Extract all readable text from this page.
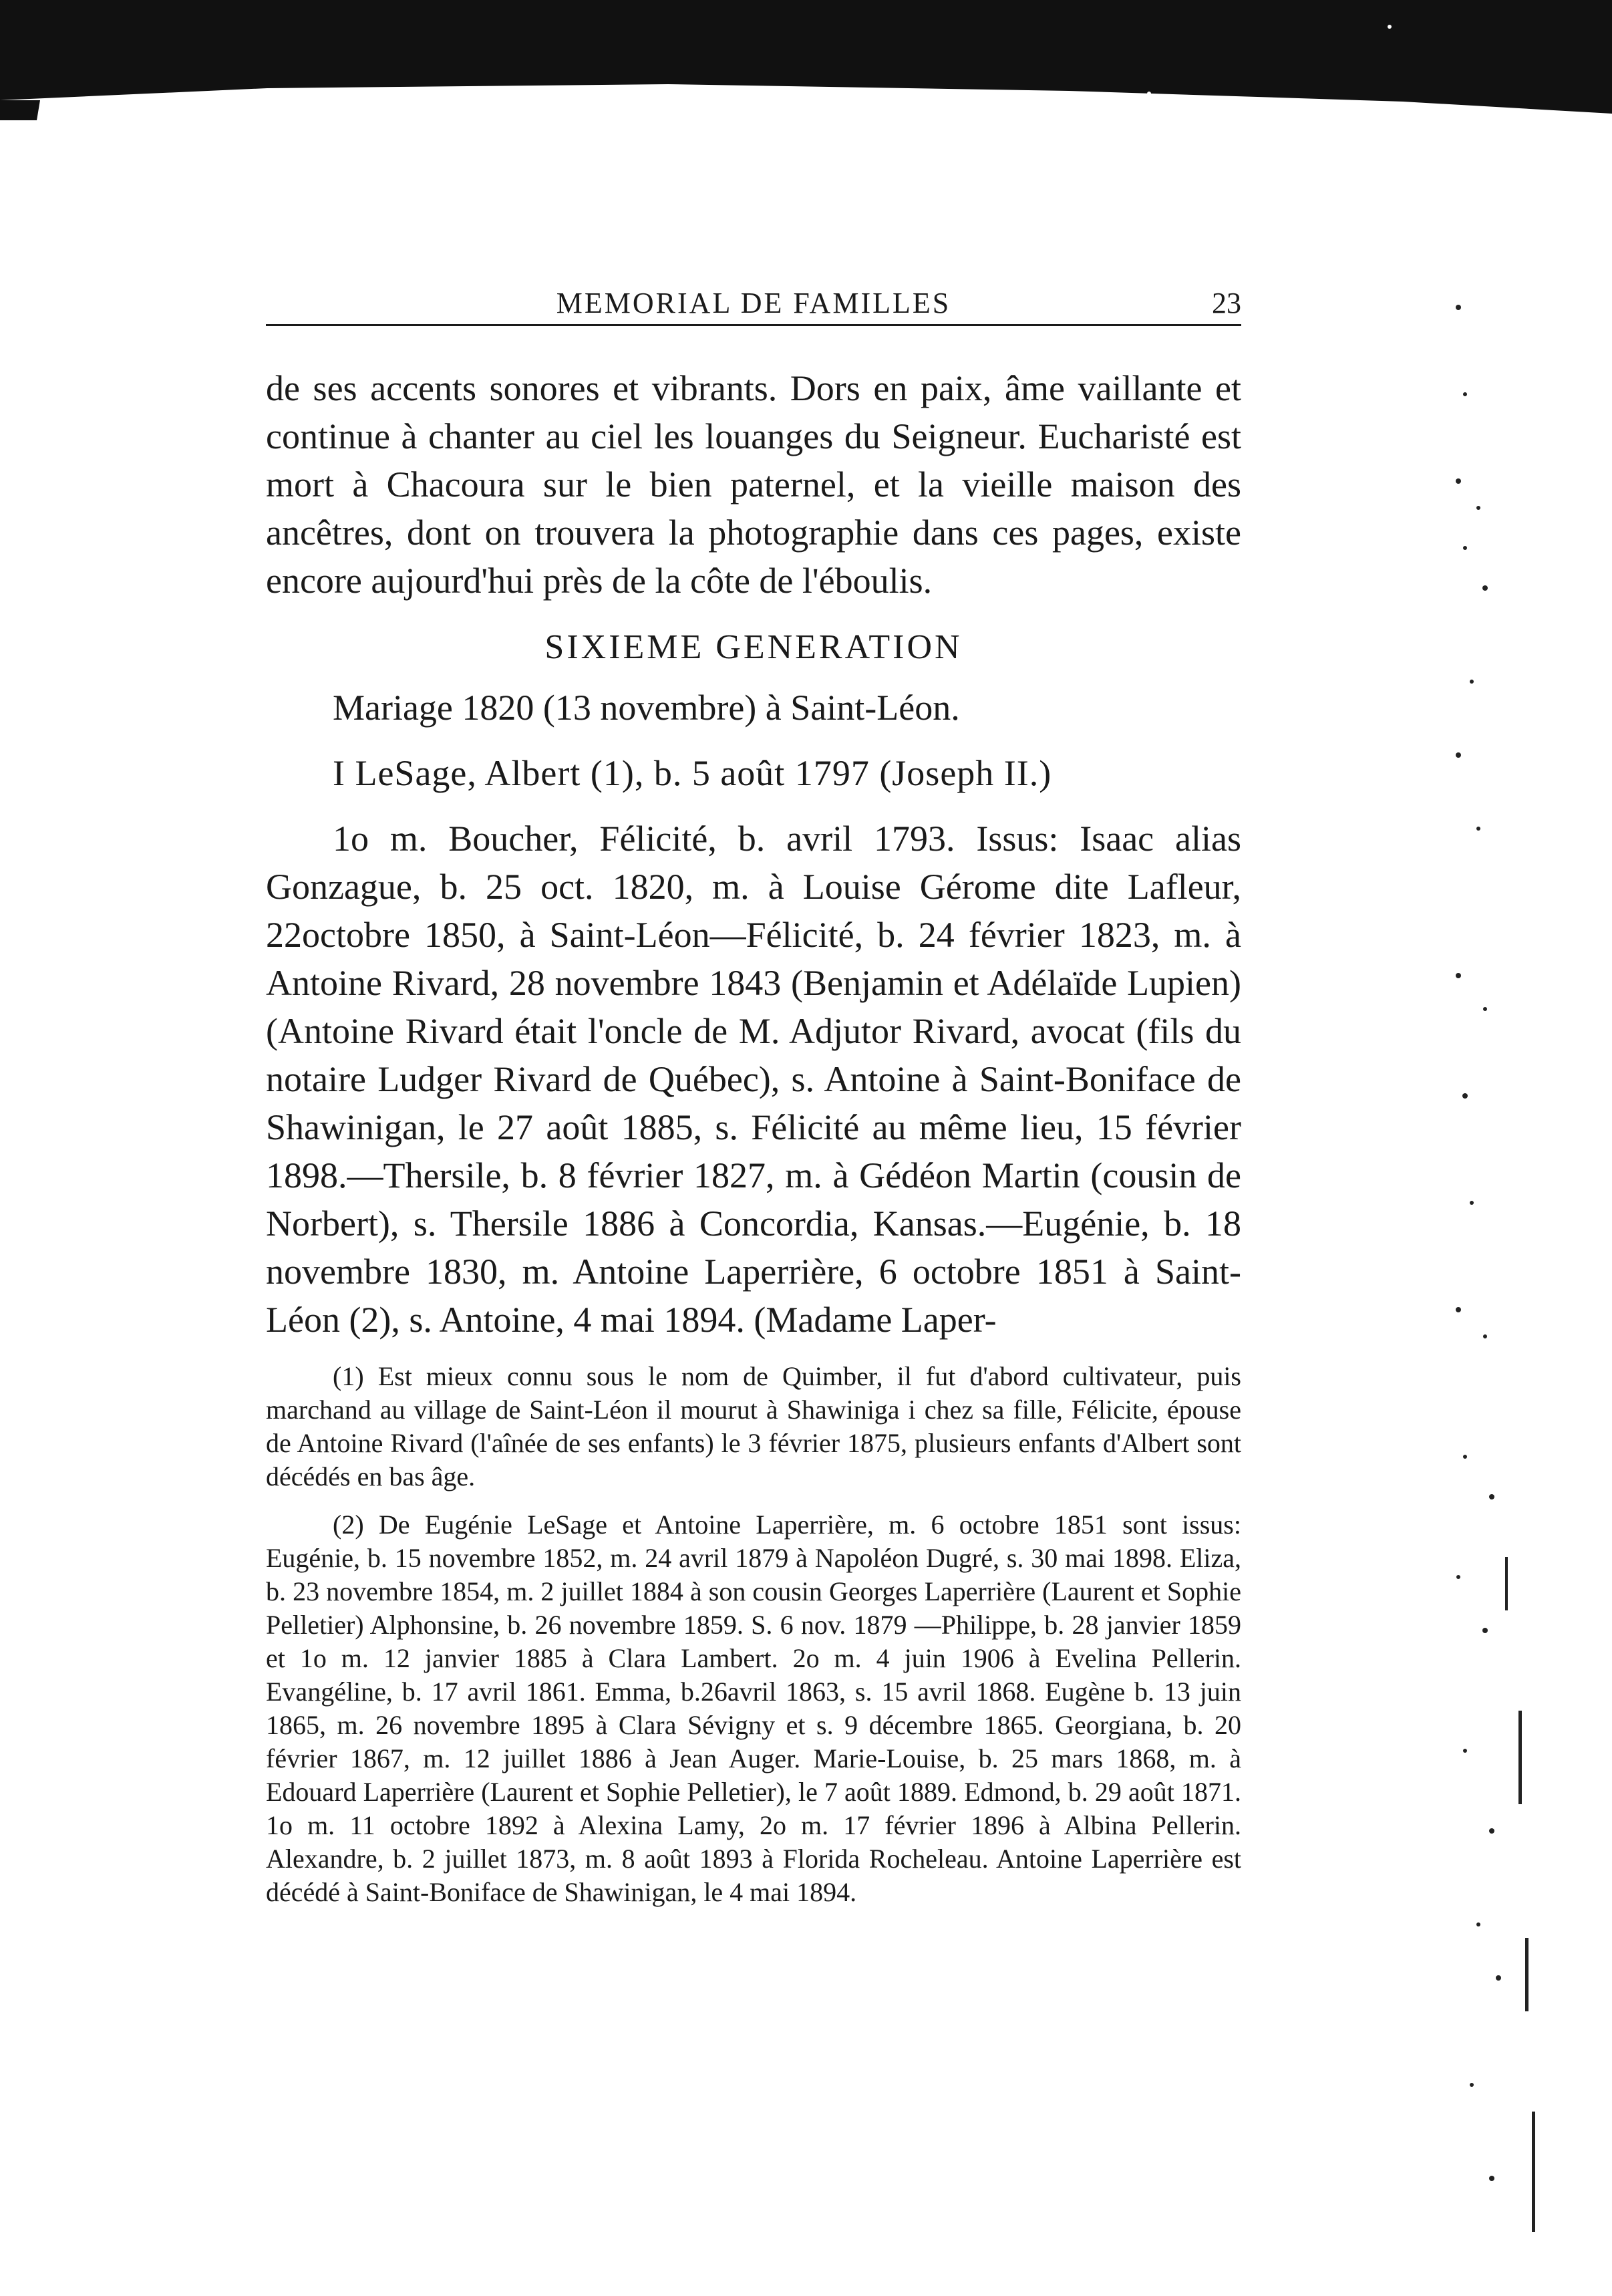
MEMORIAL DE FAMILLES	23

de ses accents sonores et vibrants. Dors en paix, âme vaillante et continue à chanter au ciel les louanges du Seigneur. Eucharisté est mort à Chacoura sur le bien paternel, et la vieille maison des ancêtres, dont on trouvera la photographie dans ces pages, existe encore aujourd'hui près de la côte de l'éboulis.

SIXIEME GENERATION

Mariage 1820 (13 novembre) à Saint-Léon.

I LeSage, Albert (1), b. 5 août 1797 (Joseph II.)

1o m. Boucher, Félicité, b. avril 1793. Issus: Isaac alias Gonzague, b. 25 oct. 1820, m. à Louise Gérome dite Lafleur, 22octobre 1850, à Saint-Léon—Félicité, b. 24 février 1823, m. à Antoine Rivard, 28 novembre 1843 (Benjamin et Adélaïde Lupien) (Antoine Rivard était l'oncle de M. Adjutor Rivard, avocat (fils du notaire Ludger Rivard de Québec), s. Antoine à Saint-Boniface de Shawinigan, le 27 août 1885, s. Félicité au même lieu, 15 février 1898.—Thersile, b. 8 février 1827, m. à Gédéon Martin (cousin de Norbert), s. Thersile 1886 à Concordia, Kansas.—Eugénie, b. 18 novembre 1830, m. Antoine Laperrière, 6 octobre 1851 à Saint-Léon (2), s. Antoine, 4 mai 1894. (Madame Laper-

(1) Est mieux connu sous le nom de Quimber, il fut d'abord cultivateur, puis marchand au village de Saint-Léon il mourut à Shawiniga i chez sa fille, Félicite, épouse de Antoine Rivard (l'aînée de ses enfants) le 3 février 1875, plusieurs enfants d'Albert sont décédés en bas âge.

(2) De Eugénie LeSage et Antoine Laperrière, m. 6 octobre 1851 sont issus: Eugénie, b. 15 novembre 1852, m. 24 avril 1879 à Napoléon Dugré, s. 30 mai 1898. Eliza, b. 23 novembre 1854, m. 2 juillet 1884 à son cousin Georges Laperrière (Laurent et Sophie Pelletier) Alphonsine, b. 26 novembre 1859. S. 6 nov. 1879 —Philippe, b. 28 janvier 1859 et 1o m. 12 janvier 1885 à Clara Lambert. 2o m. 4 juin 1906 à Evelina Pellerin. Evangéline, b. 17 avril 1861. Emma, b.26avril 1863, s. 15 avril 1868. Eugène b. 13 juin 1865, m. 26 novembre 1895 à Clara Sévigny et s. 9 décembre 1865. Georgiana, b. 20 février 1867, m. 12 juillet 1886 à Jean Auger. Marie-Louise, b. 25 mars 1868, m. à Edouard Laperrière (Laurent et Sophie Pelletier), le 7 août 1889. Edmond, b. 29 août 1871. 1o m. 11 octobre 1892 à Alexina Lamy, 2o m. 17 février 1896 à Albina Pellerin. Alexandre, b. 2 juillet 1873, m. 8 août 1893 à Florida Rocheleau. Antoine Laperrière est décédé à Saint-Boniface de Shawinigan, le 4 mai 1894.
